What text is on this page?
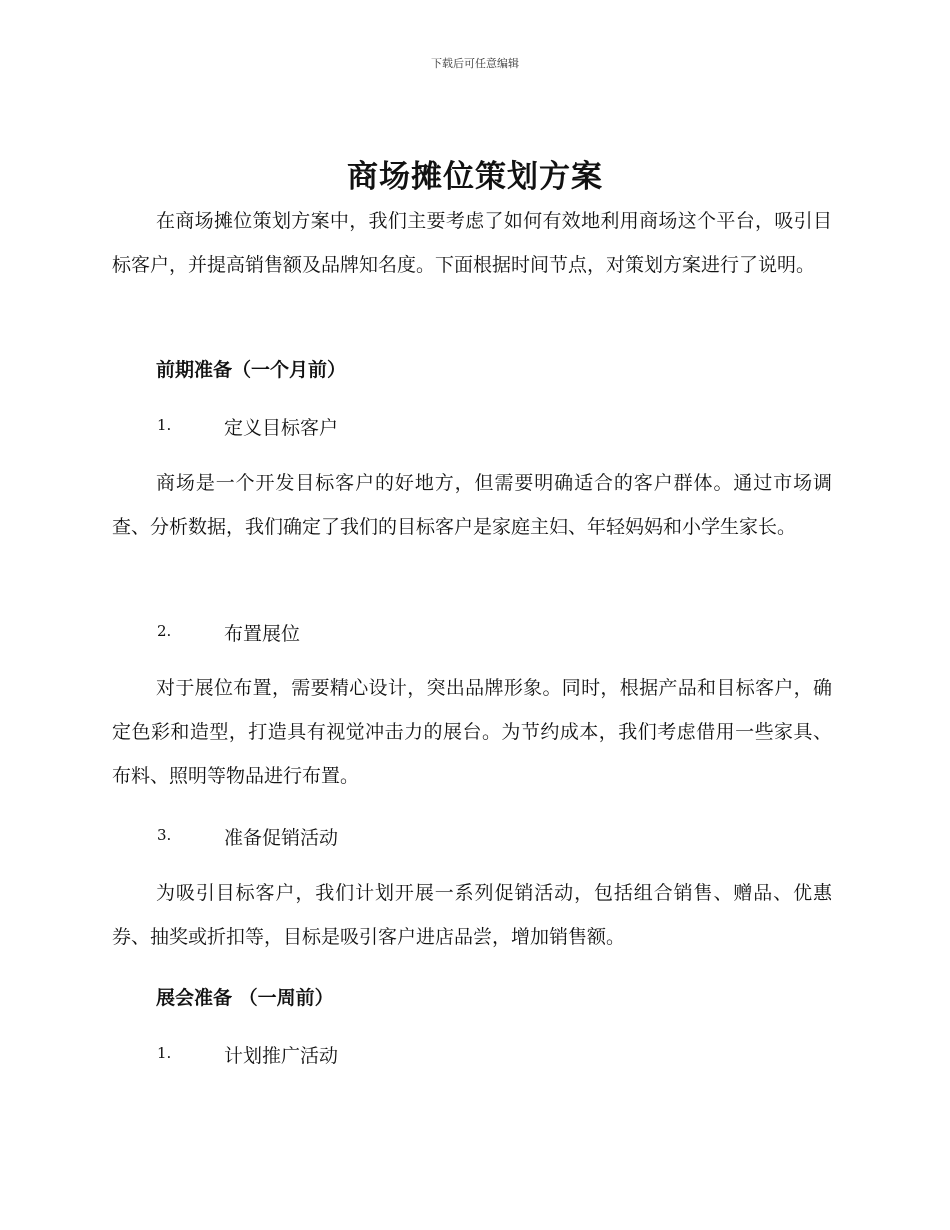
下载后可任意编辑
商场摊位策划方案

在商场摊位策划方案中，我们主要考虑了如何有效地利用商场这个平台，吸引目标客户，并提高销售额及品牌知名度。下面根据时间节点，对策划方案进行了说明。

前期准备（一个月前）
1.	定义目标客户

商场是一个开发目标客户的好地方，但需要明确适合的客户群体。通过市场调查、分析数据，我们确定了我们的目标客户是家庭主妇、年轻妈妈和小学生家长。

2.	布置展位

对于展位布置，需要精心设计，突出品牌形象。同时，根据产品和目标客户，确定色彩和造型，打造具有视觉冲击力的展台。为节约成本，我们考虑借用一些家具、布料、照明等物品进行布置。

3.	准备促销活动

为吸引目标客户，我们计划开展一系列促销活动，包括组合销售、赠品、优惠券、抽奖或折扣等，目标是吸引客户进店品尝，增加销售额。

展会准备 （一周前）
1.	计划推广活动
